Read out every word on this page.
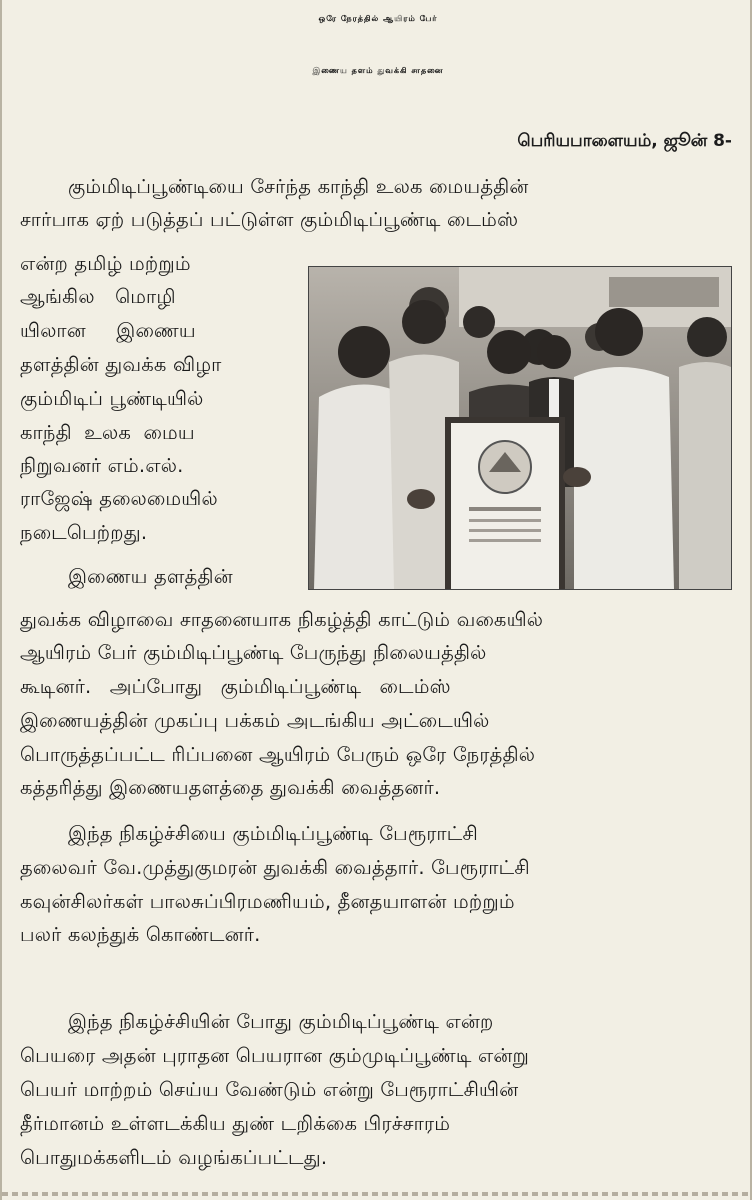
ஒரே நேரத்தில் ஆயிரம் பேர்
இணைய தளம் துவக்கி சாதனை
பெரியபாளையம், ஜூன் 8-
கும்மிடிப்பூண்டியை சேர்ந்த காந்தி உலக மையத்தின்
சார்பாக ஏற் படுத்தப் பட்டுள்ள கும்மிடிப்பூண்டி டைம்ஸ்
என்ற தமிழ் மற்றும்
ஆங்கில மொழி
யிலான இணைய
தளத்தின் துவக்க விழா
கும்மிடிப் பூண்டியில்
காந்தி உலக மைய
நிறுவனர் எம்.எல்.
ராஜேஷ் தலைமையில்
நடைபெற்றது.
இணைய தளத்தின்
துவக்க விழாவை சாதனையாக நிகழ்த்தி காட்டும் வகையில்
ஆயிரம் பேர் கும்மிடிப்பூண்டி பேருந்து நிலையத்தில்
கூடினர். அப்போது கும்மிடிப்பூண்டி டைம்ஸ்
இணையத்தின் முகப்பு பக்கம் அடங்கிய அட்டையில்
பொருத்தப்பட்ட ரிப்பனை ஆயிரம் பேரும் ஒரே நேரத்தில்
கத்தரித்து இணையதளத்தை துவக்கி வைத்தனர்.
இந்த நிகழ்ச்சியை கும்மிடிப்பூண்டி பேரூராட்சி
தலைவர் வே.முத்துகுமரன் துவக்கி வைத்தார். பேரூராட்சி
கவுன்சிலர்கள் பாலசுப்பிரமணியம், தீனதயாளன் மற்றும்
பலர் கலந்துக் கொண்டனர்.
இந்த நிகழ்ச்சியின் போது கும்மிடிப்பூண்டி என்ற
பெயரை அதன் புராதன பெயரான கும்முடிப்பூண்டி என்று
பெயர் மாற்றம் செய்ய வேண்டும் என்று பேரூராட்சியின்
தீர்மானம் உள்ளடக்கிய துண் டறிக்கை பிரச்சாரம்
பொதுமக்களிடம் வழங்கப்பட்டது.
